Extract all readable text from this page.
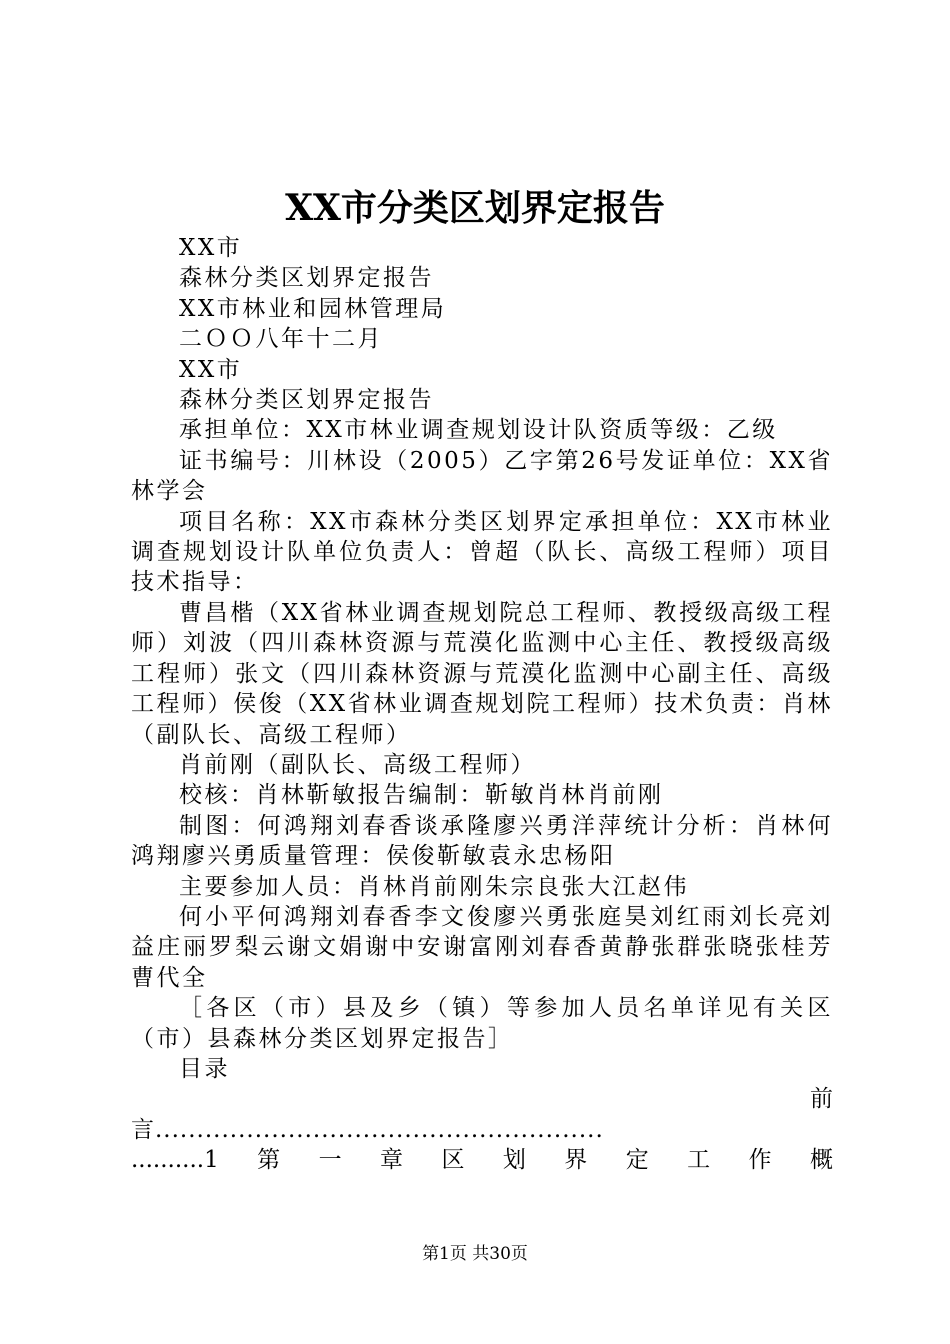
XX市分类区划界定报告

XX市

森林分类区划界定报告

XX市林业和园林管理局

二ＯＯ八年十二月

XX市

森林分类区划界定报告

承担单位：XX市林业调查规划设计队资质等级：乙级

证书编号：川林设（2005）乙字第26号发证单位：XX省林学会

项目名称：XX市森林分类区划界定承担单位：XX市林业调查规划设计队单位负责人：曾超（队长、高级工程师）项目技术指导：

曹昌楷（XX省林业调查规划院总工程师、教授级高级工程师）刘波（四川森林资源与荒漠化监测中心主任、教授级高级工程师）张文（四川森林资源与荒漠化监测中心副主任、高级工程师）侯俊（XX省林业调查规划院工程师）技术负责：肖林（副队长、高级工程师）

肖前刚（副队长、高级工程师）

校核：肖林靳敏报告编制：靳敏肖林肖前刚

制图：何鸿翔刘春香谈承隆廖兴勇洋萍统计分析：肖林何鸿翔廖兴勇质量管理：侯俊靳敏袁永忠杨阳

主要参加人员：肖林肖前刚朱宗良张大江赵伟

何小平何鸿翔刘春香李文俊廖兴勇张庭昊刘红雨刘长亮刘益庄丽罗梨云谢文娟谢中安谢富刚刘春香黄静张群张晓张桂芳曹代全

［各区（市）县及乡（镇）等参加人员名单详见有关区（市）县森林分类区划界定报告］

目录

前

言......................................................

..........1 第 一 章 区 划 界 定 工 作 概
第1页 共30页
